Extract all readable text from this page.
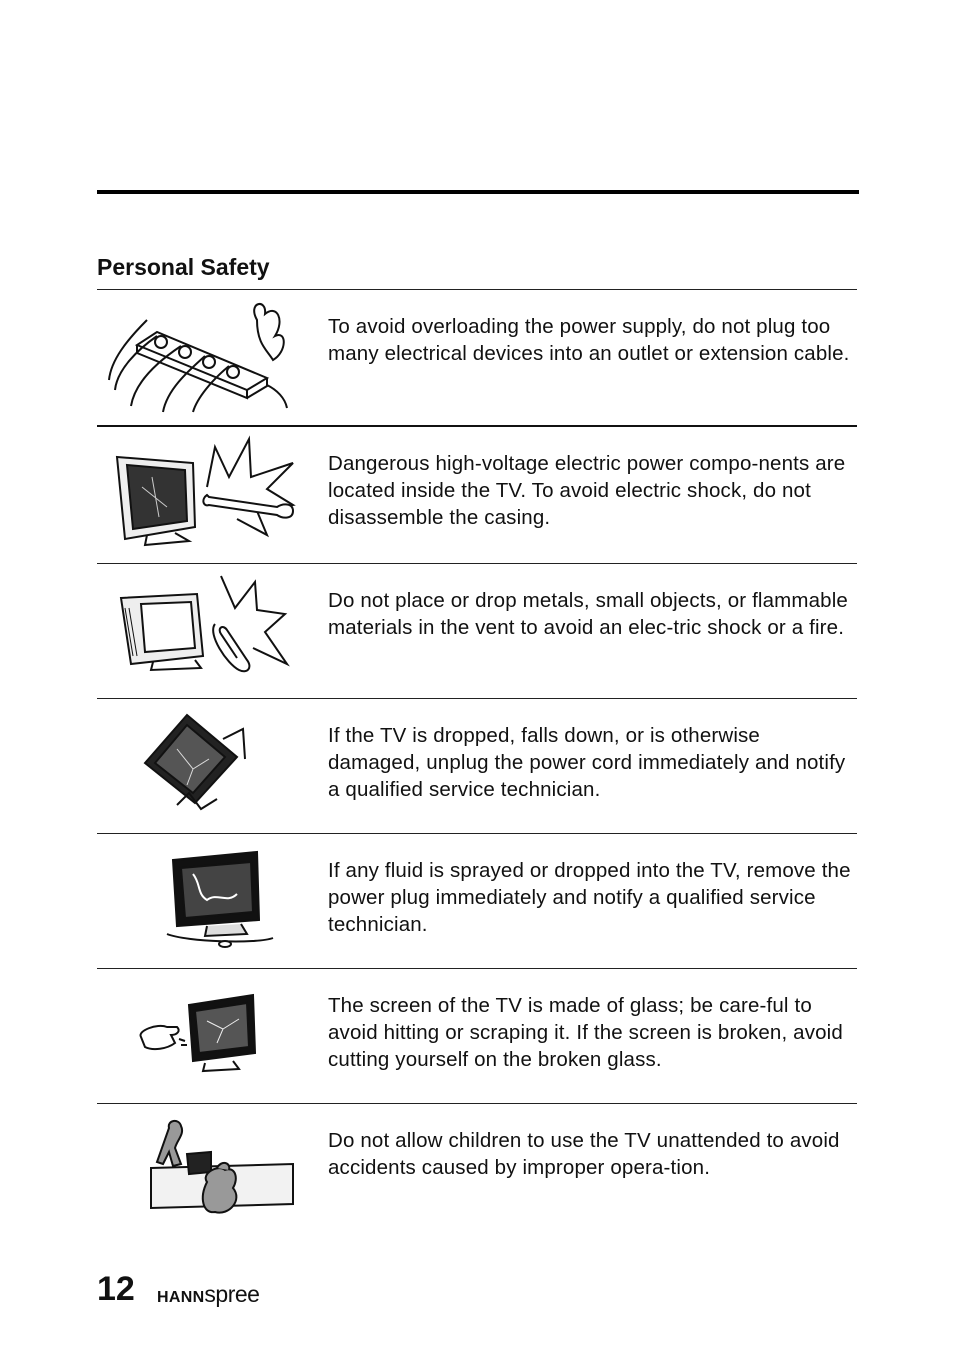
Personal Safety

To avoid overloading the power supply, do not plug too many electrical devices into an outlet or extension cable.

Dangerous high-voltage electric power compo-nents are located inside the TV. To avoid electric shock, do not disassemble the casing.

Do not place or drop metals, small objects, or flammable materials in the vent to avoid an elec-tric shock or a fire.

If the TV is dropped, falls down, or is otherwise damaged, unplug the power cord immediately and notify a qualified service technician.

If any fluid is sprayed or dropped into the TV, remove the power plug immediately and notify a qualified service technician.

The screen of the TV is made of glass; be care-ful to avoid hitting or scraping it. If the screen is broken, avoid cutting yourself on the broken glass.

Do not allow children to use the TV unattended to avoid accidents caused by improper opera-tion.

12 HANNspree
